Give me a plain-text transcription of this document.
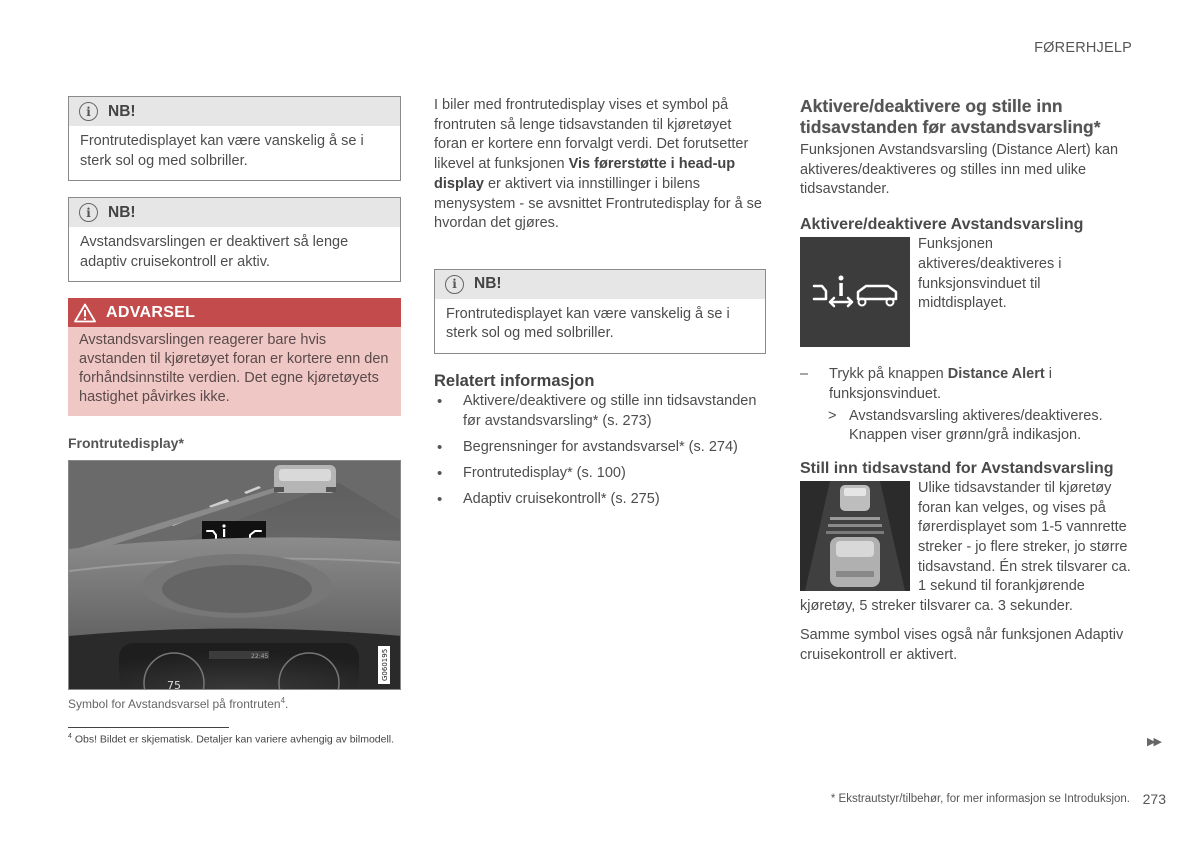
FØRERHJELP
i	NB!
Frontrutedisplayet kan være vanskelig å se i sterk sol og med solbriller.
i	NB!
Avstandsvarslingen er deaktivert så lenge adaptiv cruisekontroll er aktiv.
ADVARSEL
Avstandsvarslingen reagerer bare hvis avstanden til kjøretøyet foran er kortere enn den forhåndsinnstilte verdien. Det egne kjøretøyets hastighet påvirkes ikke.
Frontrutedisplay*
75
22:45	G060195
Symbol for Avstandsvarsel på frontruten$^4$.

I biler med frontrutedisplay vises et symbol på frontruten så lenge tidsavstanden til kjøretøyet foran er kortere enn forvalgt verdi. Det forutsetter likevel at funksjonen Vis førerstøtte i head-up display er aktivert via innstillinger i bilens menysystem - se avsnittet Frontrutedisplay for å se hvordan det gjøres.

i	NB!
Frontrutedisplayet kan være vanskelig å se i sterk sol og med solbriller.
Relatert informasjon
• Aktivere/deaktivere og stille inn tidsavstanden før avstandsvarsling* (s. 273)
• Begrensninger for avstandsvarsel* (s. 274)
• Frontrutedisplay* (s. 100)
• Adaptiv cruisekontroll* (s. 275)
Aktivere/deaktivere og stille inn tidsavstanden før avstandsvarsling*

Funksjonen Avstandsvarsling (Distance Alert) kan aktiveres/deaktiveres og stilles inn med ulike tidsavstander.

Aktivere/deaktivere Avstandsvarsling

Funksjonen aktiveres/deaktiveres i funksjonsvinduet til midtdisplayet.

– Trykk på knappen Distance Alert i funksjonsvinduet.
> Avstandsvarsling aktiveres/deaktiveres. Knappen viser grønn/grå indikasjon.
Still inn tidsavstand for Avstandsvarsling

Ulike tidsavstander til kjøretøy foran kan velges, og vises på førerdisplayet som 1-5 vannrette streker - jo flere streker, jo større tidsavstand. Én strek tilsvarer ca. 1 sekund til forankjørende kjøretøy, 5 streker tilsvarer ca. 3 sekunder.

Samme symbol vises også når funksjonen Adaptiv cruisekontroll er aktivert.

$^4$ Obs! Bildet er skjematisk. Detaljer kan variere avhengig av bilmodell.	▶▶
* Ekstrautstyr/tilbehør, for mer informasjon se Introduksjon. 273
